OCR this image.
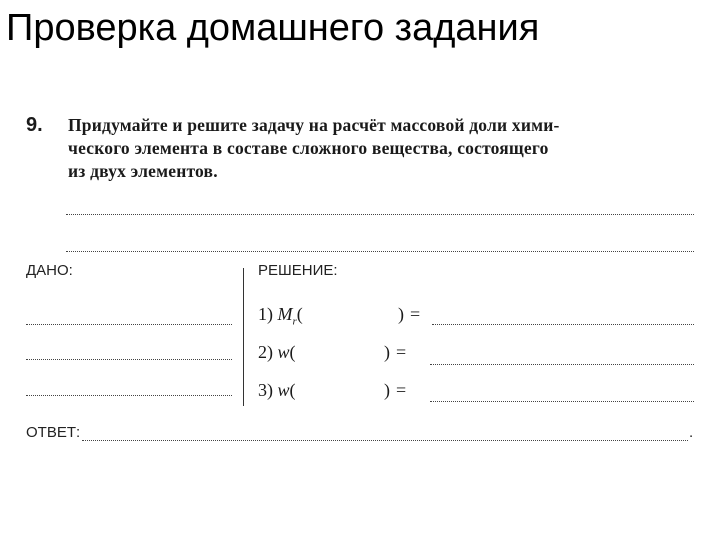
Проверка домашнего задания
9. Придумайте и решите задачу на расчёт массовой доли хими-
ческого элемента в составе сложного вещества, состоящего
из двух элементов.
ДАНО:	РЕШЕНИЕ:
1) $M_r$(	) =
2) w(	) =
3) w(	) =
ОТВЕТ:	.
